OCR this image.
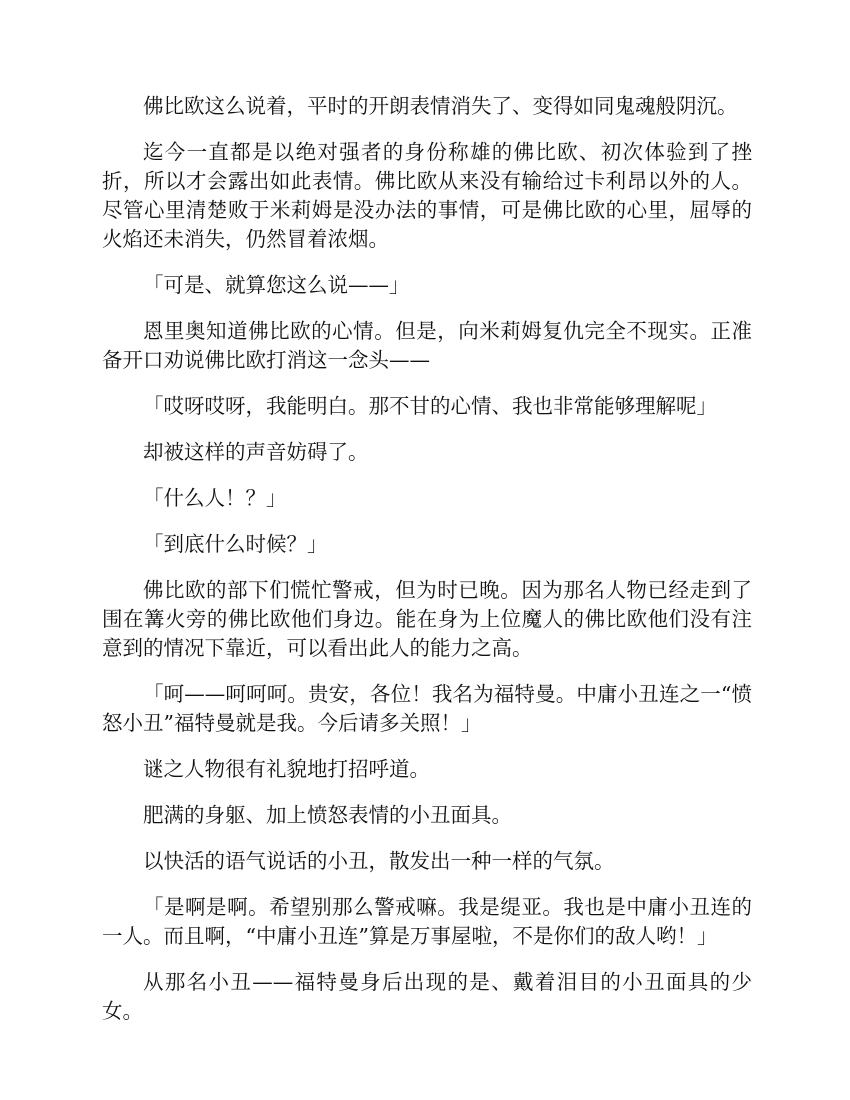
佛比欧这么说着，平时的开朗表情消失了、变得如同鬼魂般阴沉。

迄今一直都是以绝对强者的身份称雄的佛比欧、初次体验到了挫折，所以才会露出如此表情。佛比欧从来没有输给过卡利昂以外的人。尽管心里清楚败于米莉姆是没办法的事情，可是佛比欧的心里，屈辱的火焰还未消失，仍然冒着浓烟。

「可是、就算您这么说——」

恩里奥知道佛比欧的心情。但是，向米莉姆复仇完全不现实。正准备开口劝说佛比欧打消这一念头——

「哎呀哎呀，我能明白。那不甘的心情、我也非常能够理解呢」

却被这样的声音妨碍了。

「什么人！？」

「到底什么时候？」

佛比欧的部下们慌忙警戒，但为时已晚。因为那名人物已经走到了围在篝火旁的佛比欧他们身边。能在身为上位魔人的佛比欧他们没有注意到的情况下靠近，可以看出此人的能力之高。

「呵——呵呵呵。贵安，各位！我名为福特曼。中庸小丑连之一“愤怒小丑”福特曼就是我。今后请多关照！」

谜之人物很有礼貌地打招呼道。

肥满的身躯、加上愤怒表情的小丑面具。

以快活的语气说话的小丑，散发出一种一样的气氛。

「是啊是啊。希望别那么警戒嘛。我是缇亚。我也是中庸小丑连的一人。而且啊，“中庸小丑连”算是万事屋啦，不是你们的敌人哟！」

从那名小丑——福特曼身后出现的是、戴着泪目的小丑面具的少女。
